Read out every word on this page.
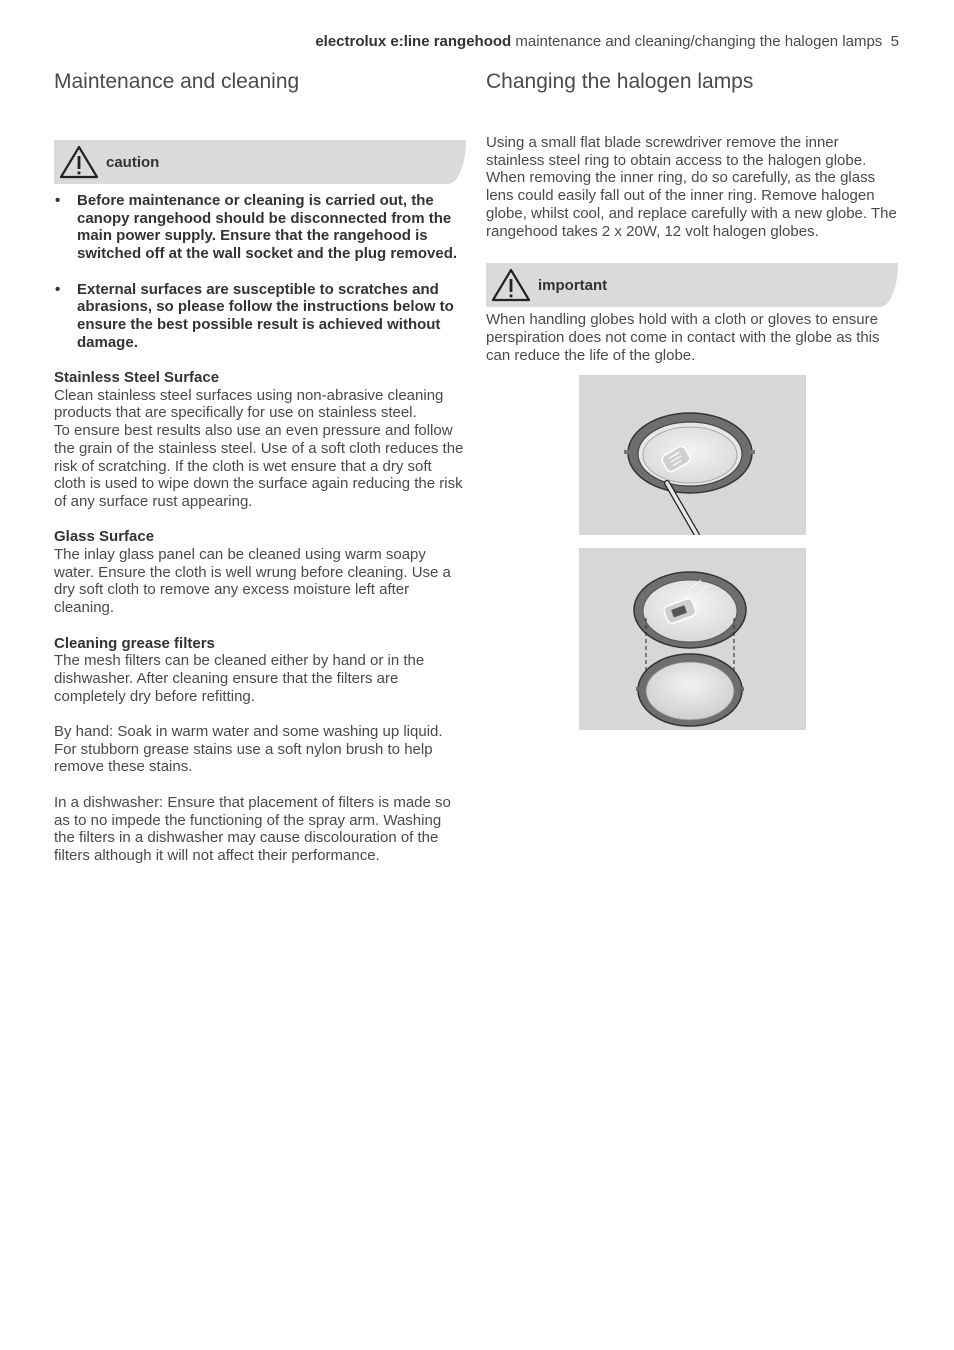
electrolux e:line rangehood maintenance and cleaning/changing the halogen lamps 5
Maintenance and cleaning
caution
• Before maintenance or cleaning is carried out, the canopy rangehood should be disconnected from the main power supply. Ensure that the rangehood is switched off at the wall socket and the plug removed.
• External surfaces are susceptible to scratches and abrasions, so please follow the instructions below to ensure the best possible result is achieved without damage.

Stainless Steel Surface

Clean stainless steel surfaces using non-abrasive cleaning products that are specifically for use on stainless steel.

To ensure best results also use an even pressure and follow the grain of the stainless steel. Use of a soft cloth reduces the risk of scratching. If the cloth is wet ensure that a dry soft cloth is used to wipe down the surface again reducing the risk of any surface rust appearing.

Glass Surface

The inlay glass panel can be cleaned using warm soapy water. Ensure the cloth is well wrung before cleaning. Use a dry soft cloth to remove any excess moisture left after cleaning.

Cleaning grease filters

The mesh filters can be cleaned either by hand or in the dishwasher. After cleaning ensure that the filters are completely dry before refitting.

By hand: Soak in warm water and some washing up liquid. For stubborn grease stains use a soft nylon brush to help remove these stains.

In a dishwasher: Ensure that placement of filters is made so as to no impede the functioning of the spray arm. Washing the filters in a dishwasher may cause discolouration of the filters although it will not affect their performance.

Changing the halogen lamps

Using a small flat blade screwdriver remove the inner stainless steel ring to obtain access to the halogen globe. When removing the inner ring, do so carefully, as the glass lens could easily fall out of the inner ring. Remove halogen globe, whilst cool, and replace carefully with a new globe. The rangehood takes 2 x 20W, 12 volt halogen globes.

important

When handling globes hold with a cloth or gloves to ensure perspiration does not come in contact with the globe as this can reduce the life of the globe.
